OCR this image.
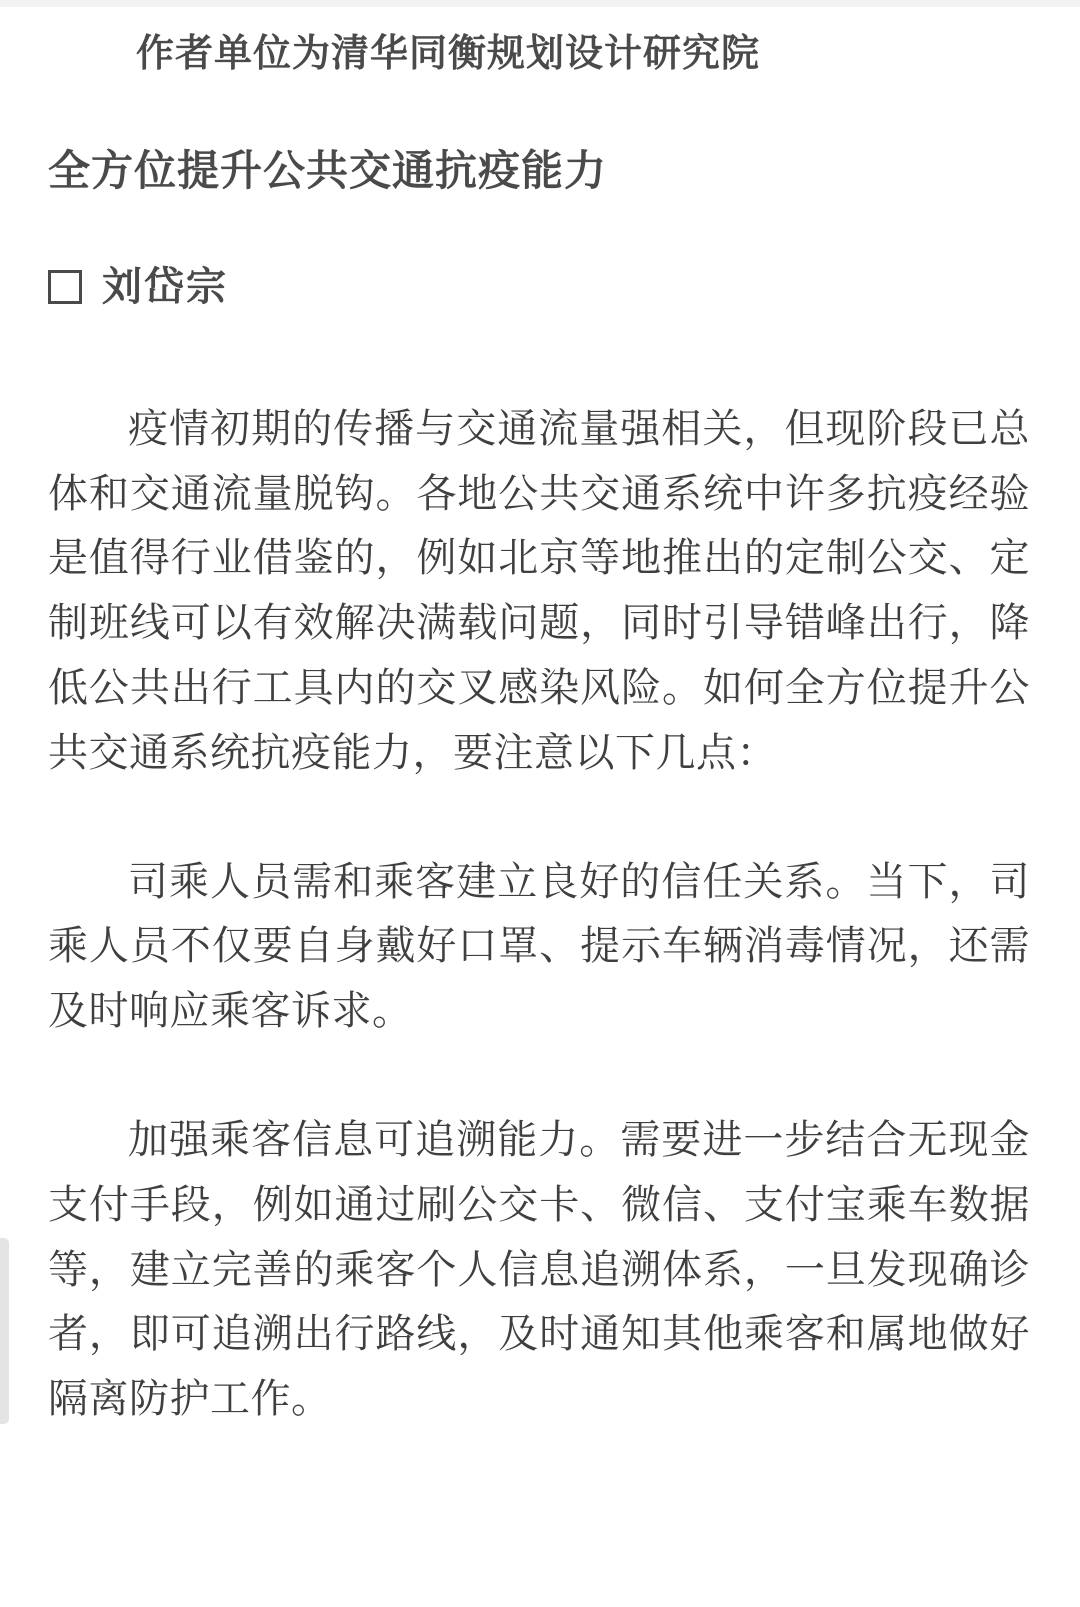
作者单位为清华同衡规划设计研究院

全方位提升公共交通抗疫能力
刘岱宗

疫情初期的传播与交通流量强相关，但现阶段已总体和交通流量脱钩。各地公共交通系统中许多抗疫经验是值得行业借鉴的，例如北京等地推出的定制公交、定制班线可以有效解决满载问题，同时引导错峰出行，降低公共出行工具内的交叉感染风险。如何全方位提升公共交通系统抗疫能力，要注意以下几点：

司乘人员需和乘客建立良好的信任关系。当下，司乘人员不仅要自身戴好口罩、提示车辆消毒情况，还需及时响应乘客诉求。

加强乘客信息可追溯能力。需要进一步结合无现金支付手段，例如通过刷公交卡、微信、支付宝乘车数据等，建立完善的乘客个人信息追溯体系，一旦发现确诊者，即可追溯出行路线，及时通知其他乘客和属地做好隔离防护工作。
